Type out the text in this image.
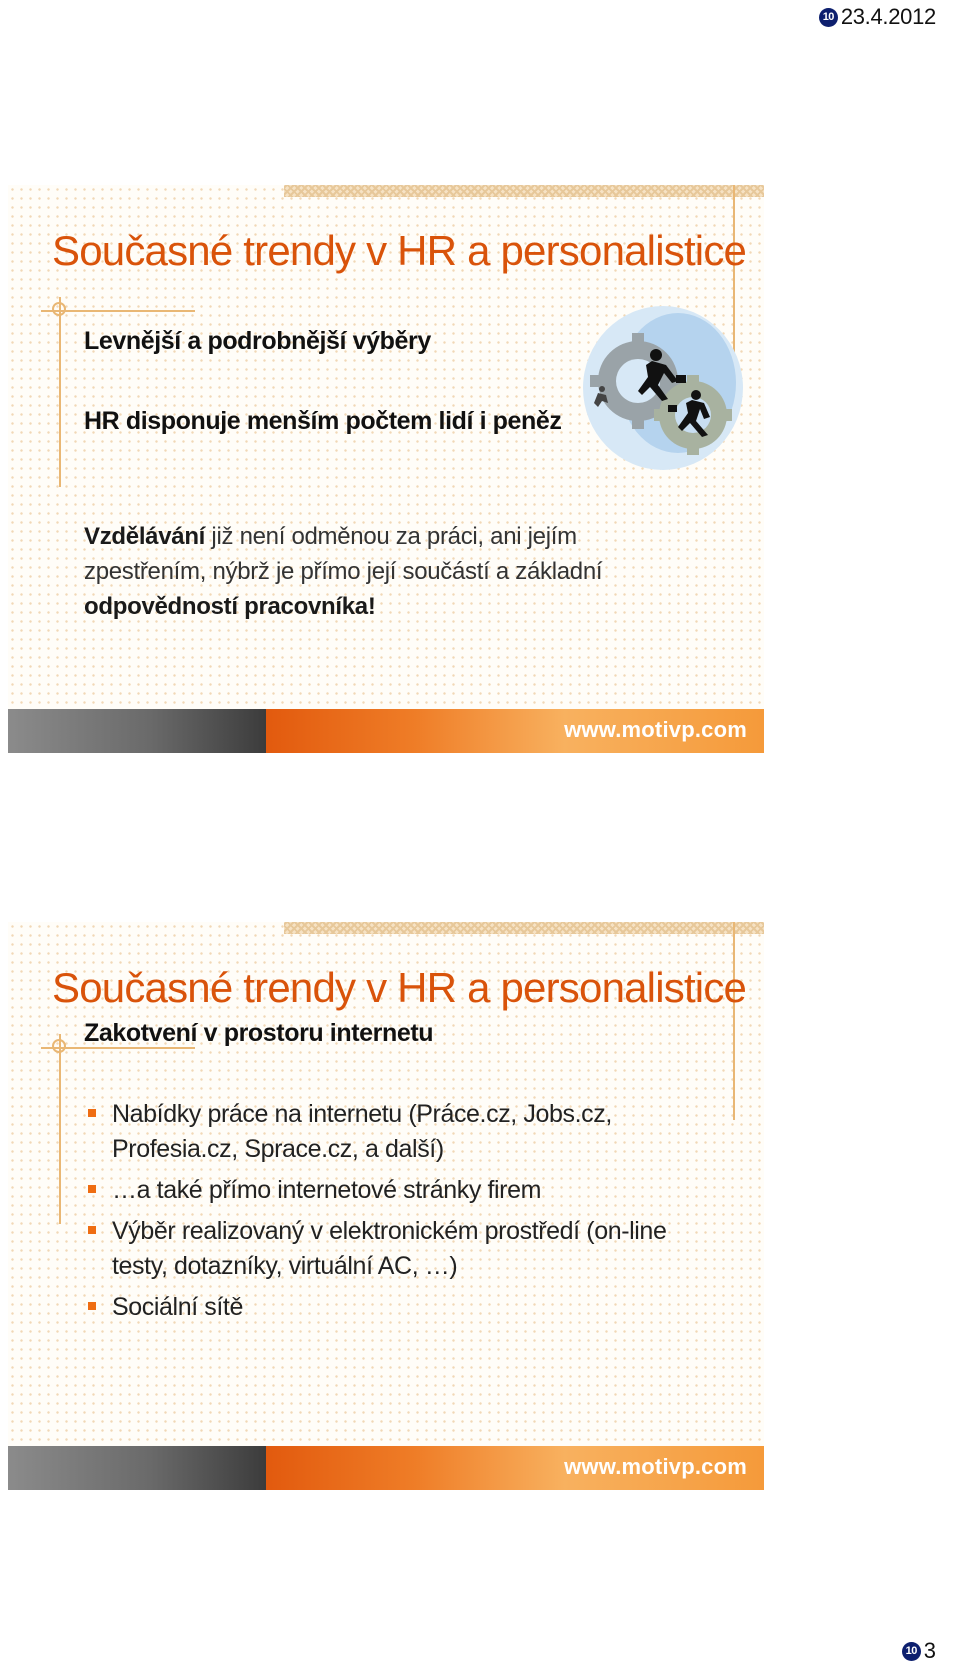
10 23.4.2012
Současné trendy v HR a personalistice

Levnější a podrobnější výběry

HR disponuje menším počtem lidí i peněz

Vzdělávání již není odměnou za práci, ani jejím zpestřením, nýbrž je přímo její součástí a základní odpovědností pracovníka!

www.motivp.com
Současné trendy v HR a personalistice

Zakotvení v prostoru internetu

Nabídky práce na internetu (Práce.cz, Jobs.cz, Profesia.cz, Sprace.cz, a další)
…a také přímo internetové stránky firem
Výběr realizovaný v elektronickém prostředí (on-line testy, dotazníky, virtuální AC, …)
Sociální sítě
www.motivp.com
10 3
